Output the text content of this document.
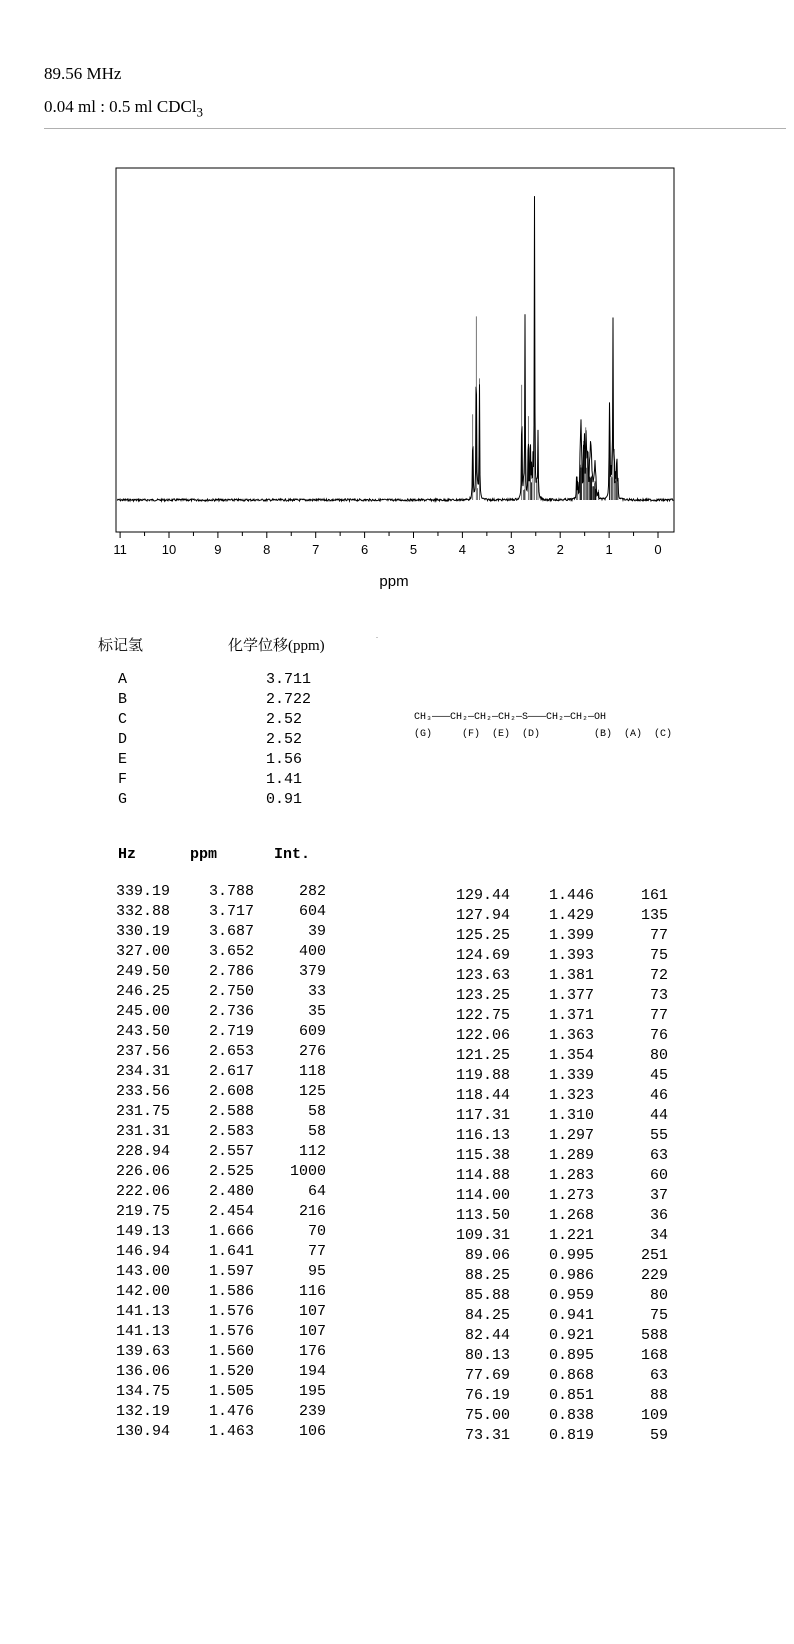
89.56 MHz
0.04 ml : 0.5 ml CDCl$_3$
11	10	9	8	7	6	5	4	3	2	1	0
ppm
标记氢	化学位移(ppm)
A	3.711
B	2.722
C	2.52
D	2.52
E	1.56
F	1.41
G	0.91
CH₃———CH₂—CH₂—CH₂—S———CH₂—CH₂—OH
(G)     (F)  (E)  (D)         (B)  (A)  (C)
Hz	ppm	Int.
339.19	3.788	282
332.88	3.717	604
330.19	3.687	39
327.00	3.652	400
249.50	2.786	379
246.25	2.750	33
245.00	2.736	35
243.50	2.719	609
237.56	2.653	276
234.31	2.617	118
233.56	2.608	125
231.75	2.588	58
231.31	2.583	58
228.94	2.557	112
226.06	2.525	1000
222.06	2.480	64
219.75	2.454	216
149.13	1.666	70
146.94	1.641	77
143.00	1.597	95
142.00	1.586	116
141.13	1.576	107
141.13	1.576	107
139.63	1.560	176
136.06	1.520	194
134.75	1.505	195
132.19	1.476	239
130.94	1.463	106
129.44	1.446	161
127.94	1.429	135
125.25	1.399	77
124.69	1.393	75
123.63	1.381	72
123.25	1.377	73
122.75	1.371	77
122.06	1.363	76
121.25	1.354	80
119.88	1.339	45
118.44	1.323	46
117.31	1.310	44
116.13	1.297	55
115.38	1.289	63
114.88	1.283	60
114.00	1.273	37
113.50	1.268	36
109.31	1.221	34
89.06	0.995	251
88.25	0.986	229
85.88	0.959	80
84.25	0.941	75
82.44	0.921	588
80.13	0.895	168
77.69	0.868	63
76.19	0.851	88
75.00	0.838	109
73.31	0.819	59
